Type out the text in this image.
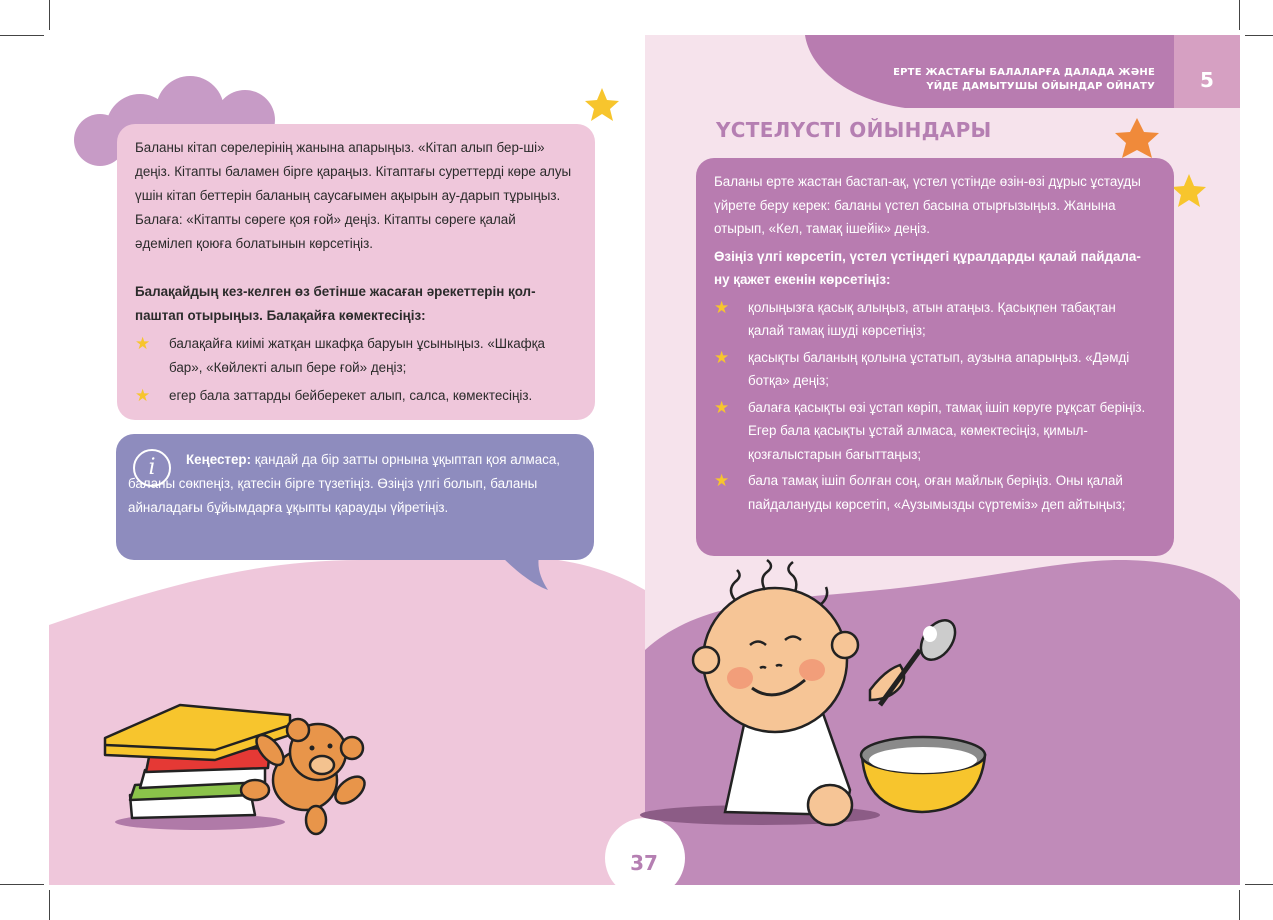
ЕРТЕ ЖАСТАҒЫ БАЛАЛАРҒА ДАЛАДА ЖӘНЕ
ҮЙДЕ ДАМЫТУШЫ ОЙЫНДАР ОЙНАТУ	5

Баланы кітап сөрелерінің жанына апарыңыз. «Кітап алып бер-ші» деңіз. Кітапты баламен бірге қараңыз. Кітаптағы суреттерді көре алуы үшін кітап беттерін баланың саусағымен ақырын ау-дарып тұрыңыз. Балаға: «Кітапты сөреге қоя ғой» деңіз. Кітапты сөреге қалай әдемілеп қоюға болатынын көрсетіңіз.

Балақайдың кез-келген өз бетінше жасаған әрекеттерін қол-паштап отырыңыз. Балақайға көмектесіңіз:

★ балақайға киімі жатқан шкафқа баруын ұсыныңыз. «Шкафқа бар», «Көйлекті алып бере ғой» деңіз;
★ егер бала заттарды бейберекет алып, салса, көмектесіңіз.
i	Кеңестер: қандай да бір затты орнына ұқыптап қоя алмаса, баланы сөкпеңіз, қатесін бірге түзетіңіз. Өзіңіз үлгі болып, баланы айналадағы бұйымдарға ұқыпты қарауды үйретіңіз.
ҮСТЕЛҮСТІ ОЙЫНДАРЫ

Баланы ерте жастан бастап-ақ, үстел үстінде өзін-өзі дұрыс ұстауды үйрете беру керек: баланы үстел басына отырғызыңыз. Жанына отырып, «Кел, тамақ ішейік» деңіз.

Өзіңіз үлгі көрсетіп, үстел үстіндегі құралдарды қалай пайдала-ну қажет екенін көрсетіңіз:

★ қолыңызға қасық алыңыз, атын атаңыз. Қасықпен табақтан қалай тамақ ішуді көрсетіңіз;
★ қасықты баланың қолына ұстатып, аузына апарыңыз. «Дәмді ботқа» деңіз;
★ балаға қасықты өзі ұстап көріп, тамақ ішіп көруге рұқсат беріңіз. Егер бала қасықты ұстай алмаса, көмектесіңіз, қимыл-қозғалыстарын бағыттаңыз;
★ бала тамақ ішіп болған соң, оған майлық беріңіз. Оны қалай пайдалануды көрсетіп, «Аузымызды сүртеміз» деп айтыңыз;
37
